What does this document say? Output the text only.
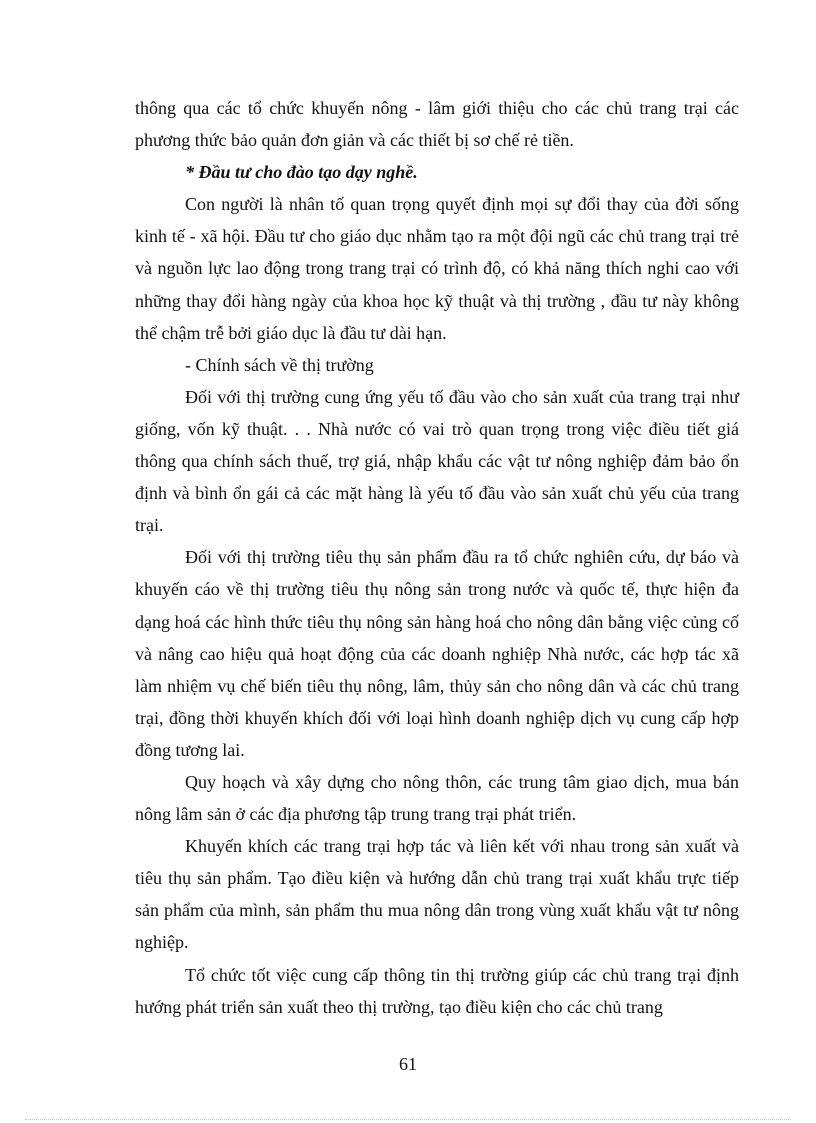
thông qua các tổ chức khuyến nông - lâm giới thiệu cho các chủ trang trại các phương thức bảo quản đơn giản và các thiết bị sơ chế rẻ tiền.

* Đầu tư cho đào tạo dạy nghề.

Con người là nhân tố quan trọng quyết định mọi sự đổi thay của đời sống kinh tế - xã hội. Đầu tư cho giáo dục nhằm tạo ra một đội ngũ các chủ trang trại trẻ và nguồn lực lao động trong trang trại có trình độ, có khả năng thích nghi cao với những thay đổi hàng ngày của khoa học kỹ thuật và thị trường , đầu tư này không thể chậm trễ bởi giáo dục là đầu tư dài hạn.

- Chính sách về thị trường

Đối với thị trường cung ứng yếu tố đầu vào cho sản xuất của trang trại như giống, vốn kỹ thuật. . . Nhà nước có vai trò quan trọng trong việc điều tiết giá thông qua chính sách thuế, trợ giá, nhập khẩu các vật tư nông nghiệp đảm bảo ổn định và bình ổn gái cả các mặt hàng là yếu tố đầu vào sản xuất chủ yếu của trang trại.

Đối với thị trường tiêu thụ sản phẩm đầu ra tổ chức nghiên cứu, dự báo và khuyến cáo về thị trường tiêu thụ nông sản trong nước và quốc tế, thực hiện đa dạng hoá các hình thức tiêu thụ nông sản hàng hoá cho nông dân bằng việc củng cố và nâng cao hiệu quả hoạt động của các doanh nghiệp Nhà nước, các hợp tác xã làm nhiệm vụ chế biến tiêu thụ nông, lâm, thủy sản cho nông dân và các chủ trang trại, đồng thời khuyến khích đối với loại hình doanh nghiệp dịch vụ cung cấp hợp đồng tương lai.

Quy hoạch và xây dựng cho nông thôn, các trung tâm giao dịch, mua bán nông lâm sản ở các địa phương tập trung trang trại phát triển.

Khuyến khích các trang trại hợp tác và liên kết với nhau trong sản xuất và tiêu thụ sản phẩm. Tạo điều kiện và hướng dẫn chủ trang trại xuất khẩu trực tiếp sản phẩm của mình, sản phẩm thu mua nông dân trong vùng xuất khẩu vật tư nông nghiệp.

Tổ chức tốt việc cung cấp thông tin thị trường giúp các chủ trang trại định hướng phát triển sản xuất theo thị trường, tạo điều kiện cho các chủ trang

61
